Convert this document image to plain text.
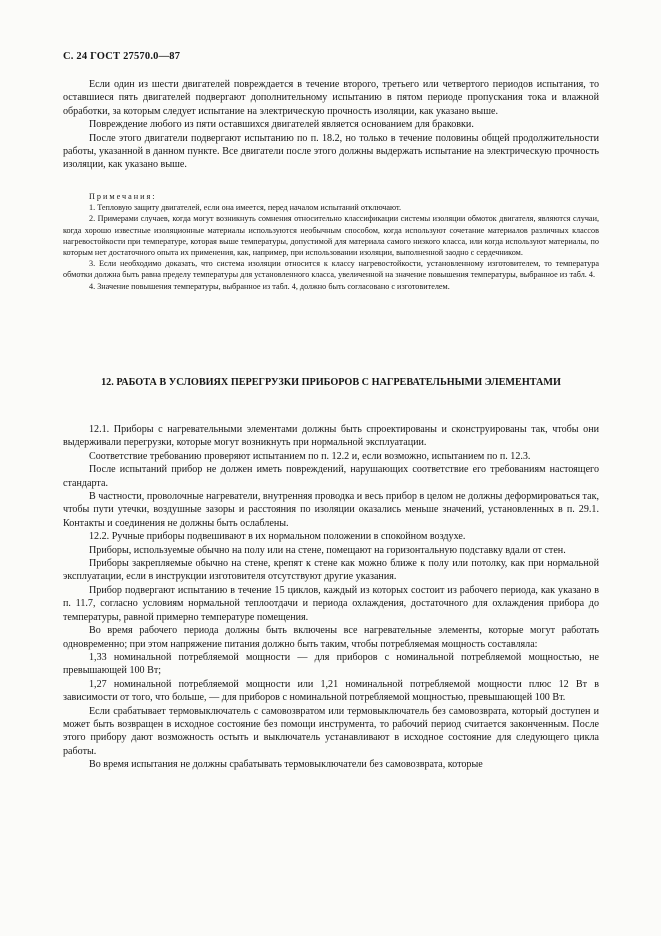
С. 24 ГОСТ 27570.0—87

Если один из шести двигателей повреждается в течение второго, третьего или четвертого периодов испытания, то оставшиеся пять двигателей подвергают дополнительному испытанию в пятом периоде пропускания тока и влажной обработки, за которым следует испытание на электрическую прочность изоляции, как указано выше.

Повреждение любого из пяти оставшихся двигателей является основанием для браковки.

После этого двигатели подвергают испытанию по п. 18.2, но только в течение половины общей продолжительности работы, указанной в данном пункте. Все двигатели после этого должны выдержать испытание на электрическую прочность изоляции, как указано выше.

Примечания:

1. Тепловую защиту двигателей, если она имеется, перед началом испытаний отключают.

2. Примерами случаев, когда могут возникнуть сомнения относительно классификации системы изоляции обмоток двигателя, являются случаи, когда хорошо известные изоляционные материалы используются необычным способом, когда используют сочетание материалов различных классов нагревостойкости при температуре, которая выше температуры, допустимой для материала самого низкого класса, или когда используют материалы, по которым нет достаточного опыта их применения, как, например, при использовании изоляции, выполненной заодно с сердечником.

3. Если необходимо доказать, что система изоляции относится к классу нагревостойкости, установленному изготовителем, то температура обмотки должна быть равна пределу температуры для установленного класса, увеличенной на значение повышения температуры, выбранное из табл. 4.

4. Значение повышения температуры, выбранное из табл. 4, должно быть согласовано с изготовителем.

12. РАБОТА В УСЛОВИЯХ ПЕРЕГРУЗКИ ПРИБОРОВ С НАГРЕВАТЕЛЬНЫМИ ЭЛЕМЕНТАМИ

12.1. Приборы с нагревательными элементами должны быть спроектированы и сконструированы так, чтобы они выдерживали перегрузки, которые могут возникнуть при нормальной эксплуатации.

Соответствие требованию проверяют испытанием по п. 12.2 и, если возможно, испытанием по п. 12.3.

После испытаний прибор не должен иметь повреждений, нарушающих соответствие его требованиям настоящего стандарта.

В частности, проволочные нагреватели, внутренняя проводка и весь прибор в целом не должны деформироваться так, чтобы пути утечки, воздушные зазоры и расстояния по изоляции оказались меньше значений, установленных в п. 29.1. Контакты и соединения не должны быть ослаблены.

12.2. Ручные приборы подвешивают в их нормальном положении в спокойном воздухе.

Приборы, используемые обычно на полу или на стене, помещают на горизонтальную подставку вдали от стен.

Приборы закрепляемые обычно на стене, крепят к стене как можно ближе к полу или потолку, как при нормальной эксплуатации, если в инструкции изготовителя отсутствуют другие указания.

Прибор подвергают испытанию в течение 15 циклов, каждый из которых состоит из рабочего периода, как указано в п. 11.7, согласно условиям нормальной теплоотдачи и периода охлаждения, достаточного для охлаждения прибора до температуры, равной примерно температуре помещения.

Во время рабочего периода должны быть включены все нагревательные элементы, которые могут работать одновременно; при этом напряжение питания должно быть таким, чтобы потребляемая мощность составляла:

1,33 номинальной потребляемой мощности — для приборов с номинальной потребляемой мощностью, не превышающей 100 Вт;

1,27 номинальной потребляемой мощности или 1,21 номинальной потребляемой мощности плюс 12 Вт в зависимости от того, что больше, — для приборов с номинальной потребляемой мощностью, превышающей 100 Вт.

Если срабатывает термовыключатель с самовозвратом или термовыключатель без самовозврата, который доступен и может быть возвращен в исходное состояние без помощи инструмента, то рабочий период считается законченным. После этого прибору дают возможность остыть и выключатель устанавливают в исходное состояние для следующего цикла работы.

Во время испытания не должны срабатывать термовыключатели без самовозврата, которые
